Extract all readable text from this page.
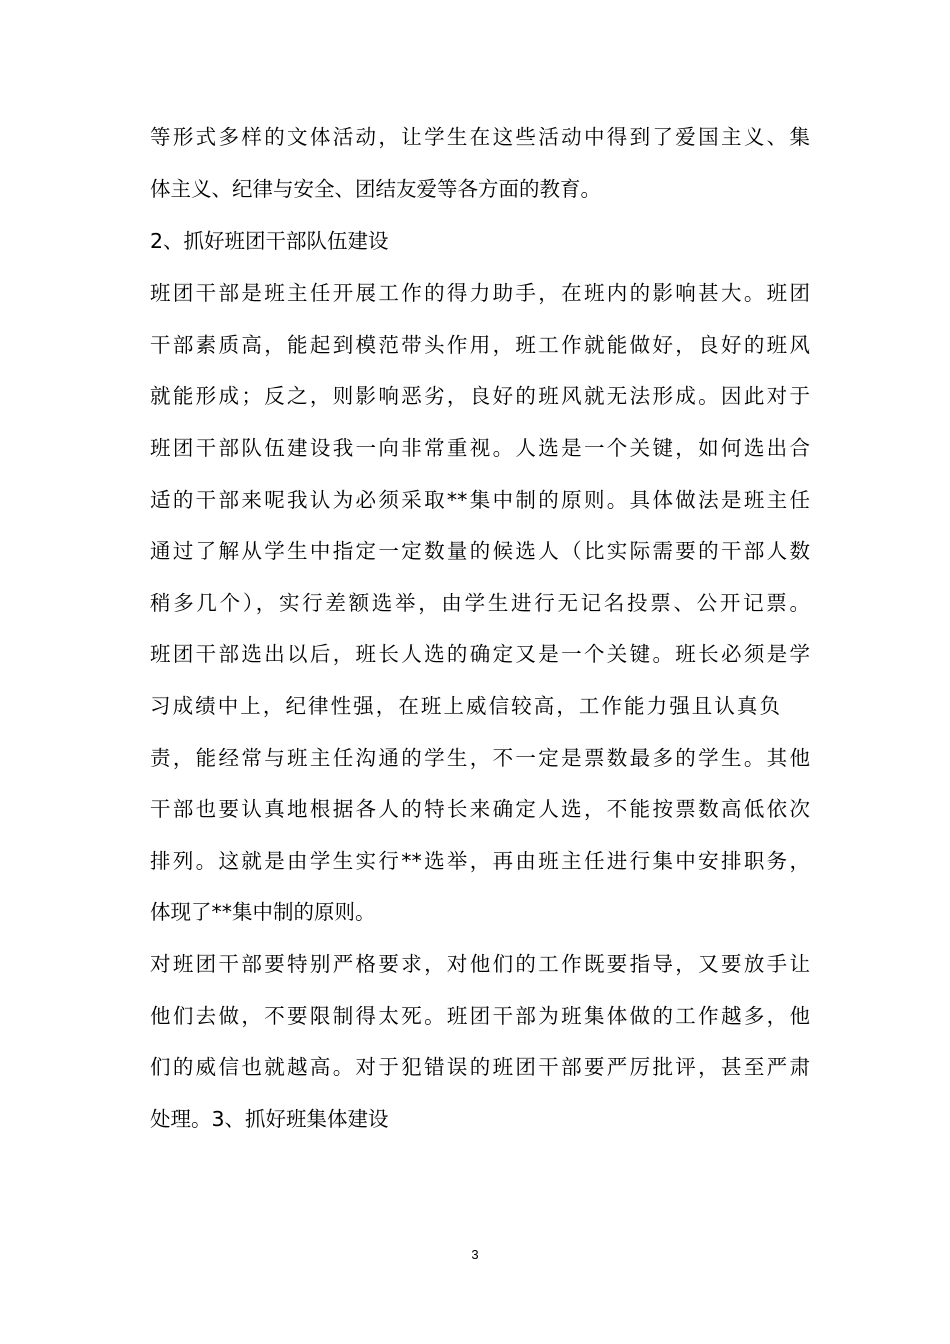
等形式多样的文体活动，让学生在这些活动中得到了爱国主义、集
体主义、纪律与安全、团结友爱等各方面的教育。
2、抓好班团干部队伍建设
班团干部是班主任开展工作的得力助手，在班内的影响甚大。班团
干部素质高，能起到模范带头作用，班工作就能做好，良好的班风
就能形成；反之，则影响恶劣，良好的班风就无法形成。因此对于
班团干部队伍建设我一向非常重视。人选是一个关键，如何选出合
适的干部来呢我认为必须采取**集中制的原则。具体做法是班主任
通过了解从学生中指定一定数量的候选人（比实际需要的干部人数
稍多几个），实行差额选举，由学生进行无记名投票、公开记票。
班团干部选出以后，班长人选的确定又是一个关键。班长必须是学
习成绩中上，纪律性强，在班上威信较高，工作能力强且认真负
责，能经常与班主任沟通的学生，不一定是票数最多的学生。其他
干部也要认真地根据各人的特长来确定人选，不能按票数高低依次
排列。这就是由学生实行**选举，再由班主任进行集中安排职务，
体现了**集中制的原则。
对班团干部要特别严格要求，对他们的工作既要指导，又要放手让
他们去做，不要限制得太死。班团干部为班集体做的工作越多，他
们的威信也就越高。对于犯错误的班团干部要严厉批评，甚至严肃
处理。3、抓好班集体建设
3
